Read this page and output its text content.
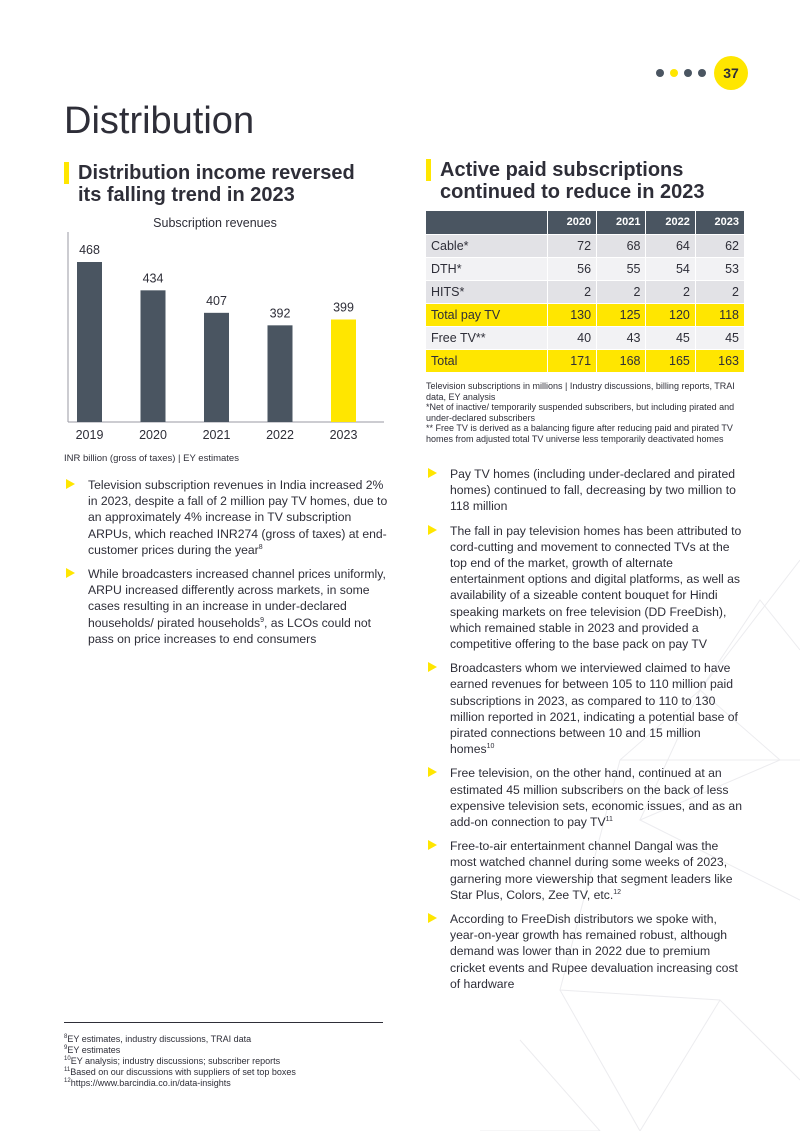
37
Distribution
Distribution income reversed its falling trend in 2023
Subscription revenues
468
2019
434
2020
407
2021
392
2022
399
2023
INR billion (gross of taxes) | EY estimates
Television subscription revenues in India increased 2% in 2023, despite a fall of 2 million pay TV homes, due to an approximately 4% increase in TV subscription ARPUs, which reached INR274 (gross of taxes) at end-customer prices during the year$^8$
While broadcasters increased channel prices uniformly, ARPU increased differently across markets, in some cases resulting in an increase in under-declared households/ pirated households$^9$, as LCOs could not pass on price increases to end consumers
Active paid subscriptions continued to reduce in 2023
	2020	2021	2022	2023
Cable*	72	68	64	62
DTH*	56	55	54	53
HITS*	2	2	2	2
Total pay TV	130	125	120	118
Free TV**	40	43	45	45
Total	171	168	165	163
Television subscriptions in millions | Industry discussions, billing reports, TRAI data, EY analysis
*Net of inactive/ temporarily suspended subscribers, but including pirated and under-declared subscribers
** Free TV is derived as a balancing figure after reducing paid and pirated TV homes from adjusted total TV universe less temporarily deactivated homes
Pay TV homes (including under-declared and pirated homes) continued to fall, decreasing by two million to 118 million
The fall in pay television homes has been attributed to cord-cutting and movement to connected TVs at the top end of the market, growth of alternate entertainment options and digital platforms, as well as availability of a sizeable content bouquet for Hindi speaking markets on free television (DD FreeDish), which remained stable in 2023 and provided a competitive offering to the base pack on pay TV
Broadcasters whom we interviewed claimed to have earned revenues for between 105 to 110 million paid subscriptions in 2023, as compared to 110 to 130 million reported in 2021, indicating a potential base of pirated connections between 10 and 15 million homes$^{10}$
Free television, on the other hand, continued at an estimated 45 million subscribers on the back of less expensive television sets, economic issues, and as an add-on connection to pay TV$^{11}$
Free-to-air entertainment channel Dangal was the most watched channel during some weeks of 2023, garnering more viewership that segment leaders like Star Plus, Colors, Zee TV, etc.$^{12}$
According to FreeDish distributors we spoke with, year-on-year growth has remained robust, although demand was lower than in 2022 due to premium cricket events and Rupee devaluation increasing cost of hardware
$^8$EY estimates, industry discussions, TRAI data
$^9$EY estimates
$^{10}$EY analysis; industry discussions; subscriber reports
$^{11}$Based on our discussions with suppliers of set top boxes
$^{12}$https://www.barcindia.co.in/data-insights
